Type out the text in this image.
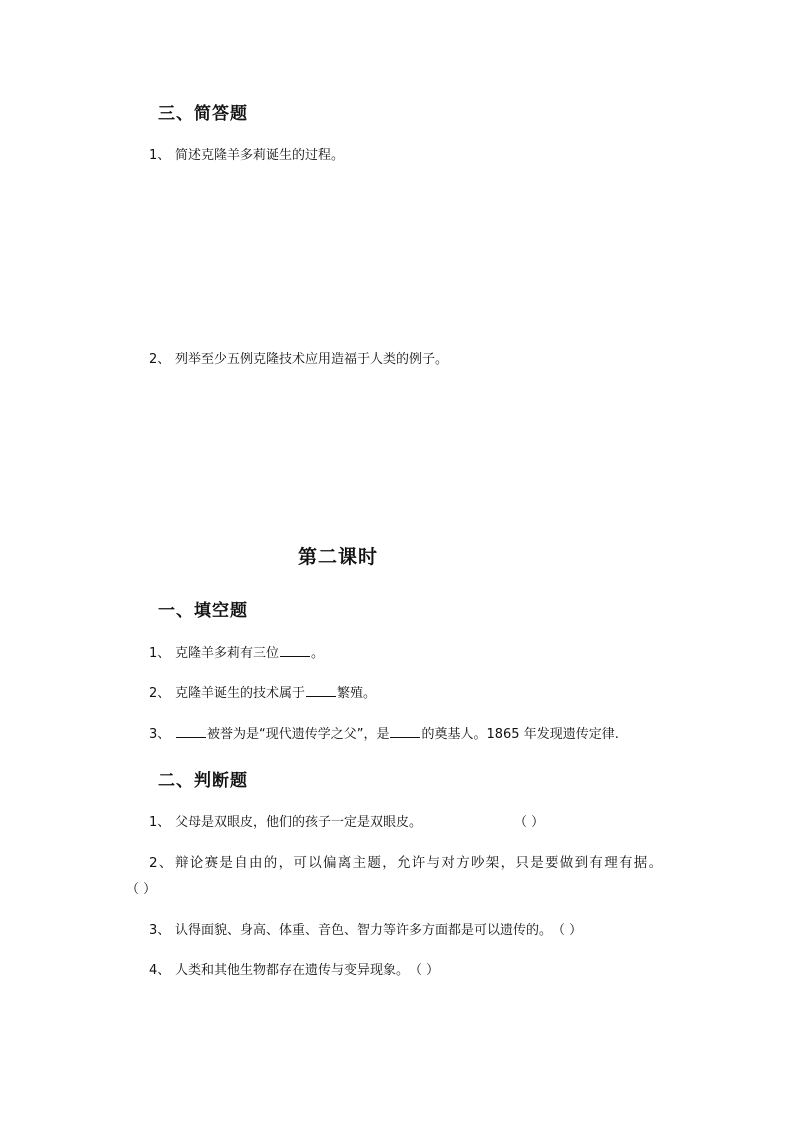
三、简答题
1、 简述克隆羊多莉诞生的过程。
2、 列举至少五例克隆技术应用造福于人类的例子。
第二课时
一、填空题
1、 克隆羊多莉有三位 。
2、 克隆羊诞生的技术属于 繁殖。
3、	被誉为是“现代遗传学之父”，是 的奠基人。1865 年发现遗传定律.
二、判断题
1、 父母是双眼皮，他们的孩子一定是双眼皮。	（ ）
2、辩论赛是自由的，可以偏离主题，允许与对方吵架，只是要做到有理有据。
（ ）
3、 认得面貌、身高、体重、音色、智力等许多方面都是可以遗传的。（ ）
4、 人类和其他生物都存在遗传与变异现象。（ ）
